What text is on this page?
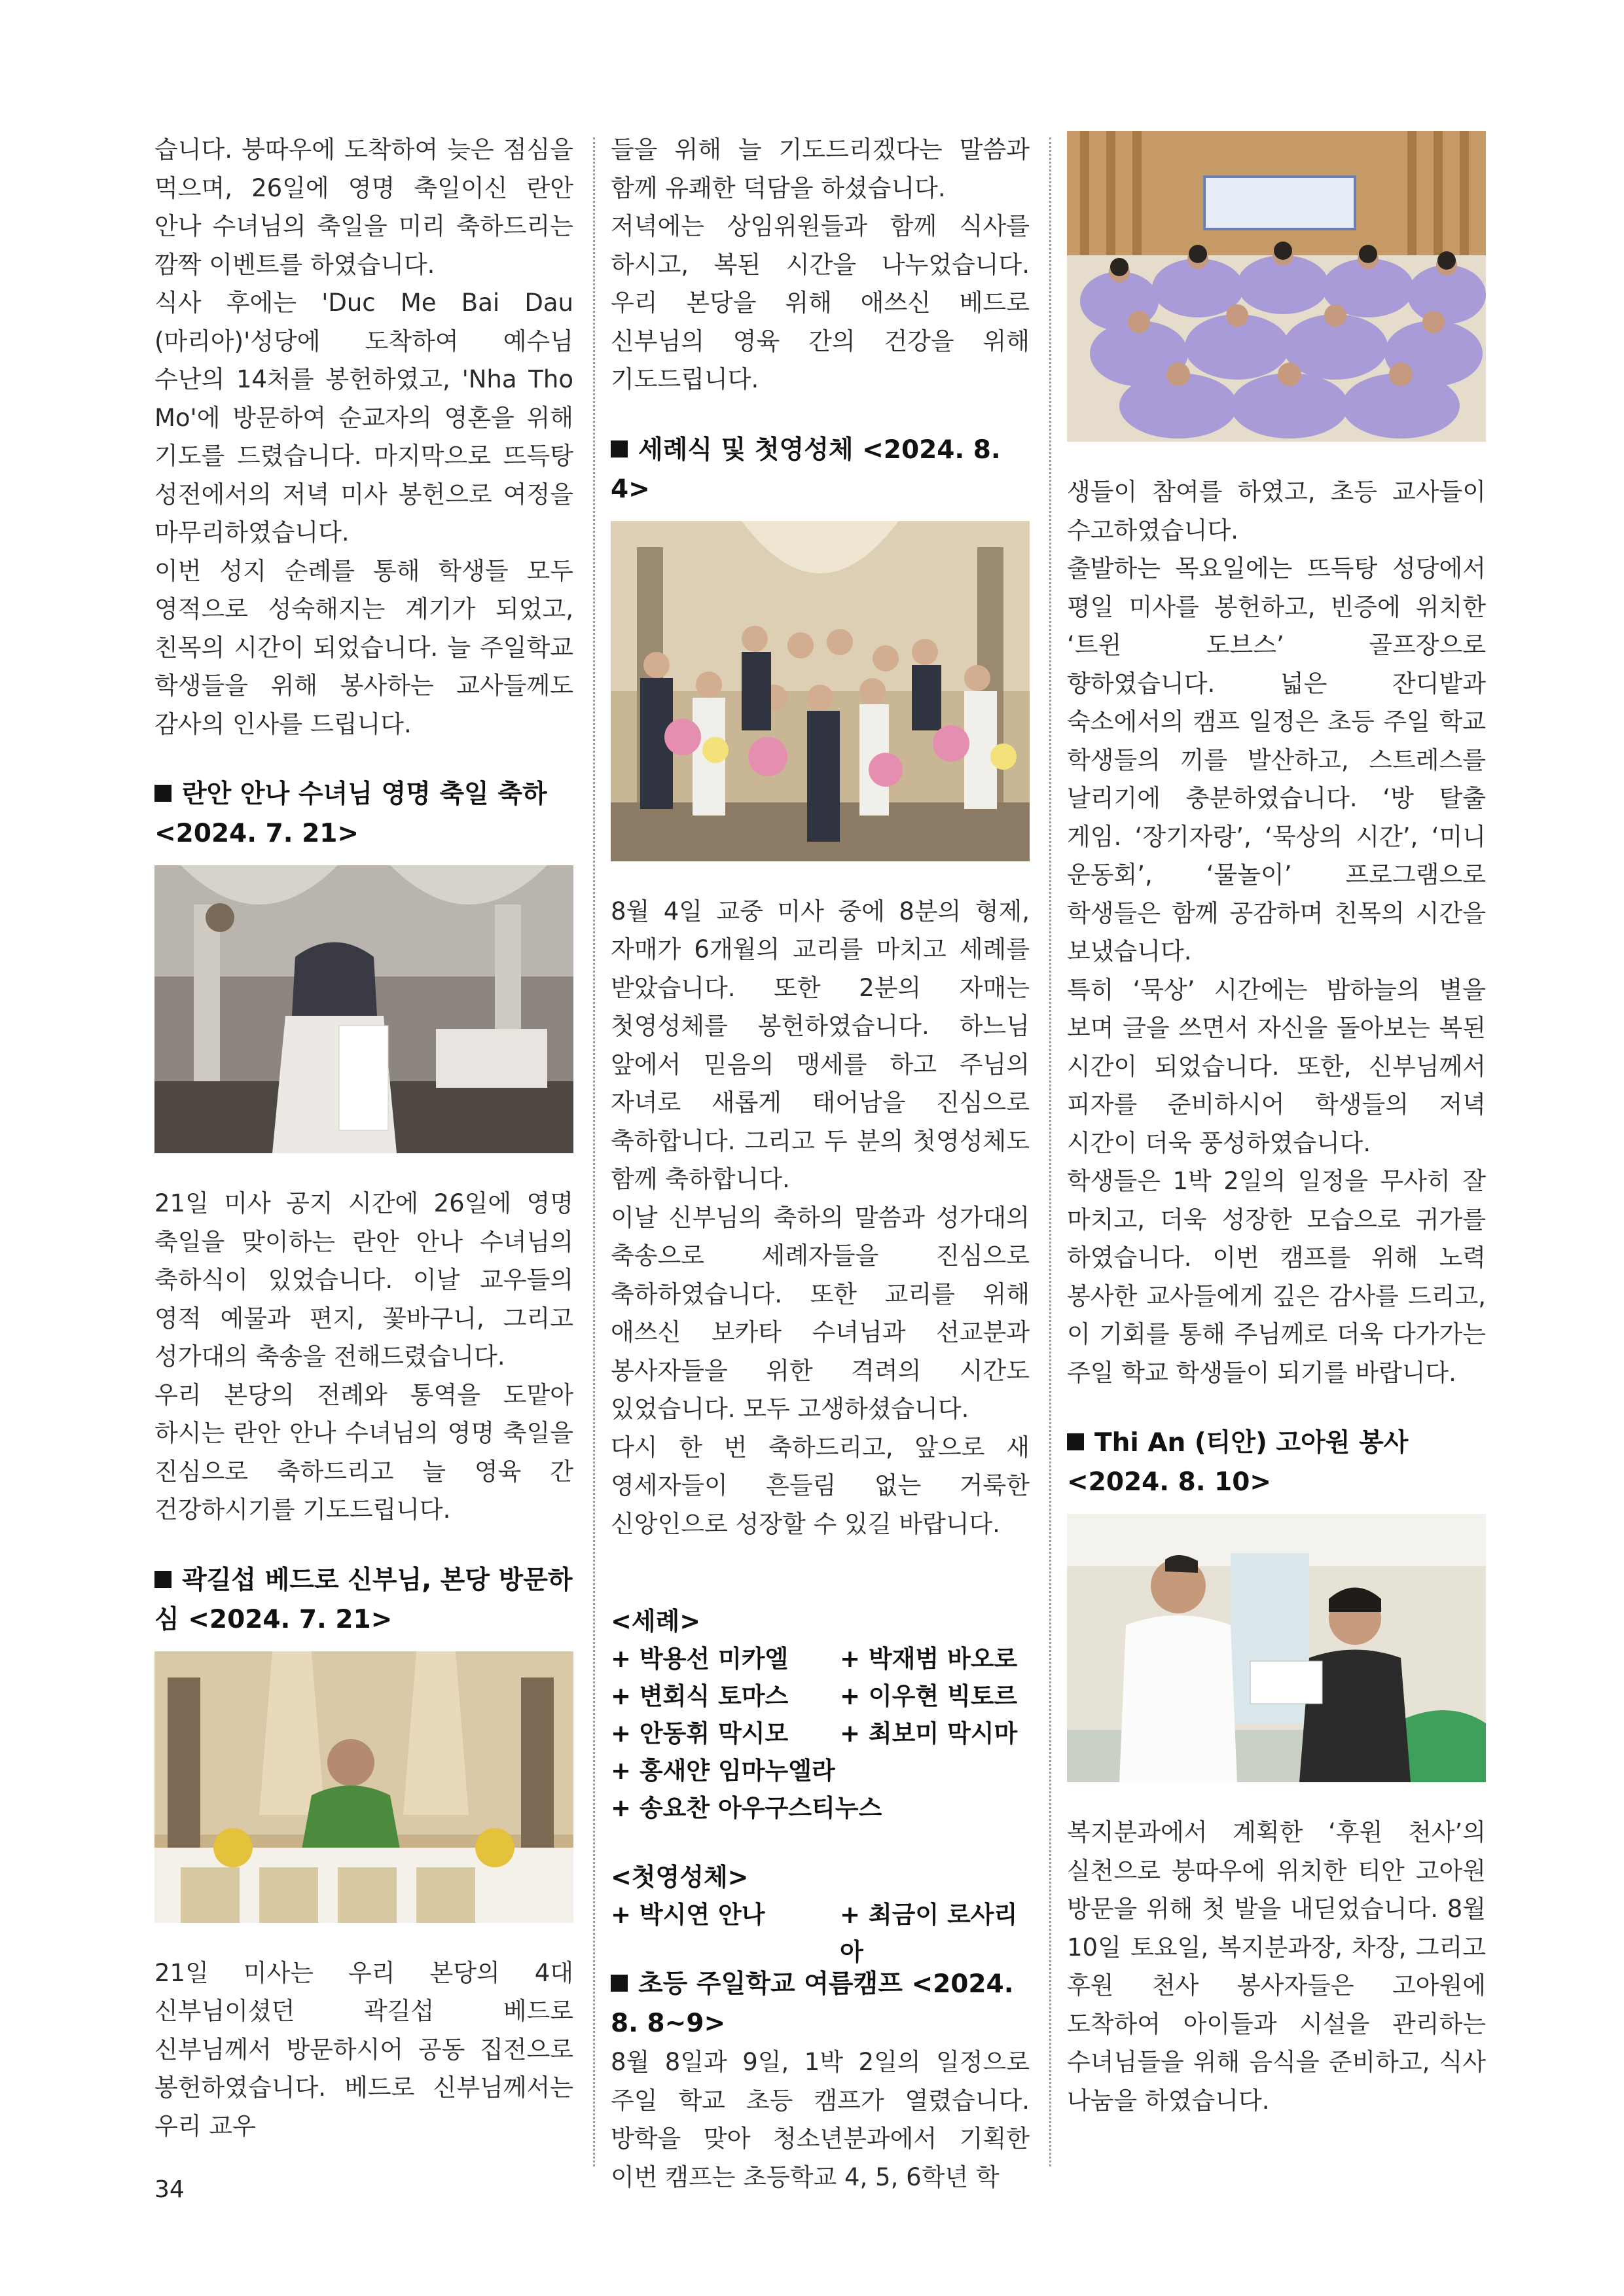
습니다. 붕따우에 도착하여 늦은 점심을 먹으며, 26일에 영명 축일이신 란안 안나 수녀님의 축일을 미리 축하드리는 깜짝 이벤트를 하였습니다.

식사 후에는 'Duc Me Bai Dau (마리아)'성당에 도착하여 예수님 수난의 14처를 봉헌하였고, 'Nha Tho Mo'에 방문하여 순교자의 영혼을 위해 기도를 드렸습니다. 마지막으로 뜨득탕 성전에서의 저녁 미사 봉헌으로 여정을 마무리하였습니다.

이번 성지 순례를 통해 학생들 모두 영적으로 성숙해지는 계기가 되었고, 친목의 시간이 되었습니다. 늘 주일학교 학생들을 위해 봉사하는 교사들께도 감사의 인사를 드립니다.

란안 안나 수녀님 영명 축일 축하 <2024. 7. 21>

21일 미사 공지 시간에 26일에 영명 축일을 맞이하는 란안 안나 수녀님의 축하식이 있었습니다. 이날 교우들의 영적 예물과 편지, 꽃바구니, 그리고 성가대의 축송을 전해드렸습니다.

우리 본당의 전례와 통역을 도맡아 하시는 란안 안나 수녀님의 영명 축일을 진심으로 축하드리고 늘 영육 간 건강하시기를 기도드립니다.

곽길섭 베드로 신부님, 본당 방문하심 <2024. 7. 21>

21일 미사는 우리 본당의 4대 신부님이셨던 곽길섭 베드로 신부님께서 방문하시어 공동 집전으로 봉헌하였습니다. 베드로 신부님께서는 우리 교우

들을 위해 늘 기도드리겠다는 말씀과 함께 유쾌한 덕담을 하셨습니다.

저녁에는 상임위원들과 함께 식사를 하시고, 복된 시간을 나누었습니다. 우리 본당을 위해 애쓰신 베드로 신부님의 영육 간의 건강을 위해 기도드립니다.

세례식 및 첫영성체 <2024. 8. 4>

8월 4일 교중 미사 중에 8분의 형제, 자매가 6개월의 교리를 마치고 세례를 받았습니다. 또한 2분의 자매는 첫영성체를 봉헌하였습니다. 하느님 앞에서 믿음의 맹세를 하고 주님의 자녀로 새롭게 태어남을 진심으로 축하합니다. 그리고 두 분의 첫영성체도 함께 축하합니다.

이날 신부님의 축하의 말씀과 성가대의 축송으로 세례자들을 진심으로 축하하였습니다. 또한 교리를 위해 애쓰신 보카타 수녀님과 선교분과 봉사자들을 위한 격려의 시간도 있었습니다. 모두 고생하셨습니다.

다시 한 번 축하드리고, 앞으로 새 영세자들이 흔들림 없는 거룩한 신앙인으로 성장할 수 있길 바랍니다.

<세례>
+ 박용선 미카엘 + 박재범 바오로
+ 변회식 토마스 + 이우현 빅토르
+ 안동휘 막시모 + 최보미 막시마
+ 홍새얀 임마누엘라
+ 송요찬 아우구스티누스
<첫영성체>
+ 박시연 안나	+ 최금이 로사리아
초등 주일학교 여름캠프 <2024. 8. 8~9>

8월 8일과 9일, 1박 2일의 일정으로 주일 학교 초등 캠프가 열렸습니다. 방학을 맞아 청소년분과에서 기획한 이번 캠프는 초등학교 4, 5, 6학년 학

생들이 참여를 하였고, 초등 교사들이 수고하였습니다.

출발하는 목요일에는 뜨득탕 성당에서 평일 미사를 봉헌하고, 빈증에 위치한 ‘트윈 도브스’ 골프장으로 향하였습니다. 넓은 잔디밭과 숙소에서의 캠프 일정은 초등 주일 학교 학생들의 끼를 발산하고, 스트레스를 날리기에 충분하였습니다. ‘방 탈출 게임. ‘장기자랑’, ‘묵상의 시간’, ‘미니 운동회’, ‘물놀이’ 프로그램으로 학생들은 함께 공감하며 친목의 시간을 보냈습니다.

특히 ‘묵상’ 시간에는 밤하늘의 별을 보며 글을 쓰면서 자신을 돌아보는 복된 시간이 되었습니다. 또한, 신부님께서 피자를 준비하시어 학생들의 저녁 시간이 더욱 풍성하였습니다.

학생들은 1박 2일의 일정을 무사히 잘 마치고, 더욱 성장한 모습으로 귀가를 하였습니다. 이번 캠프를 위해 노력 봉사한 교사들에게 깊은 감사를 드리고, 이 기회를 통해 주님께로 더욱 다가가는 주일 학교 학생들이 되기를 바랍니다.

Thi An (티안) 고아원 봉사 <2024. 8. 10>

복지분과에서 계획한 ‘후원 천사’의 실천으로 붕따우에 위치한 티안 고아원 방문을 위해 첫 발을 내딛었습니다. 8월 10일 토요일, 복지분과장, 차장, 그리고 후원 천사 봉사자들은 고아원에 도착하여 아이들과 시설을 관리하는 수녀님들을 위해 음식을 준비하고, 식사 나눔을 하였습니다.

34
